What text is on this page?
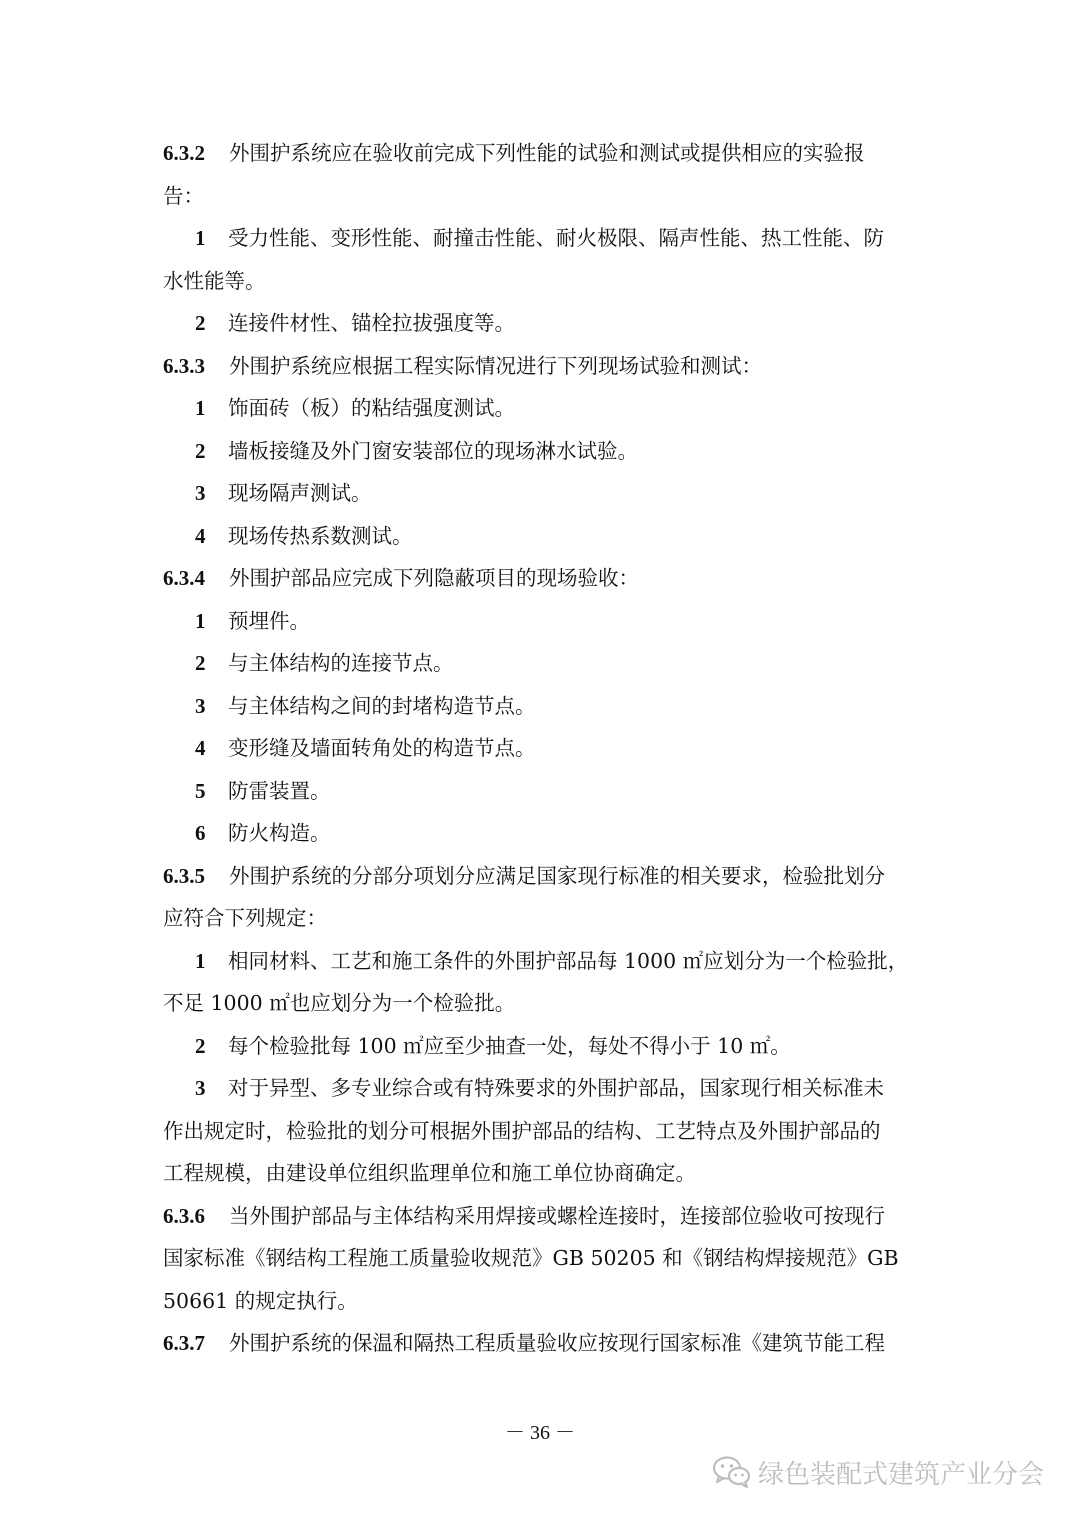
6.3.2 外围护系统应在验收前完成下列性能的试验和测试或提供相应的实验报
告：
1 受力性能、变形性能、耐撞击性能、耐火极限、隔声性能、热工性能、防
水性能等。
2 连接件材性、锚栓拉拔强度等。
6.3.3 外围护系统应根据工程实际情况进行下列现场试验和测试：
1 饰面砖（板）的粘结强度测试。
2 墙板接缝及外门窗安装部位的现场淋水试验。
3 现场隔声测试。
4 现场传热系数测试。
6.3.4 外围护部品应完成下列隐蔽项目的现场验收：
1 预埋件。
2 与主体结构的连接节点。
3 与主体结构之间的封堵构造节点。
4 变形缝及墙面转角处的构造节点。
5 防雷装置。
6 防火构造。
6.3.5 外围护系统的分部分项划分应满足国家现行标准的相关要求，检验批划分
应符合下列规定：
1 相同材料、工艺和施工条件的外围护部品每 1000 ㎡应划分为一个检验批，
不足 1000 ㎡也应划分为一个检验批。
2 每个检验批每 100 ㎡应至少抽查一处，每处不得小于 10 ㎡。
3 对于异型、多专业综合或有特殊要求的外围护部品，国家现行相关标准未
作出规定时，检验批的划分可根据外围护部品的结构、工艺特点及外围护部品的
工程规模，由建设单位组织监理单位和施工单位协商确定。
6.3.6 当外围护部品与主体结构采用焊接或螺栓连接时，连接部位验收可按现行
国家标准《钢结构工程施工质量验收规范》GB 50205 和《钢结构焊接规范》GB
50661 的规定执行。
6.3.7 外围护系统的保温和隔热工程质量验收应按现行国家标准《建筑节能工程
－ 36 －
绿色装配式建筑产业分会
